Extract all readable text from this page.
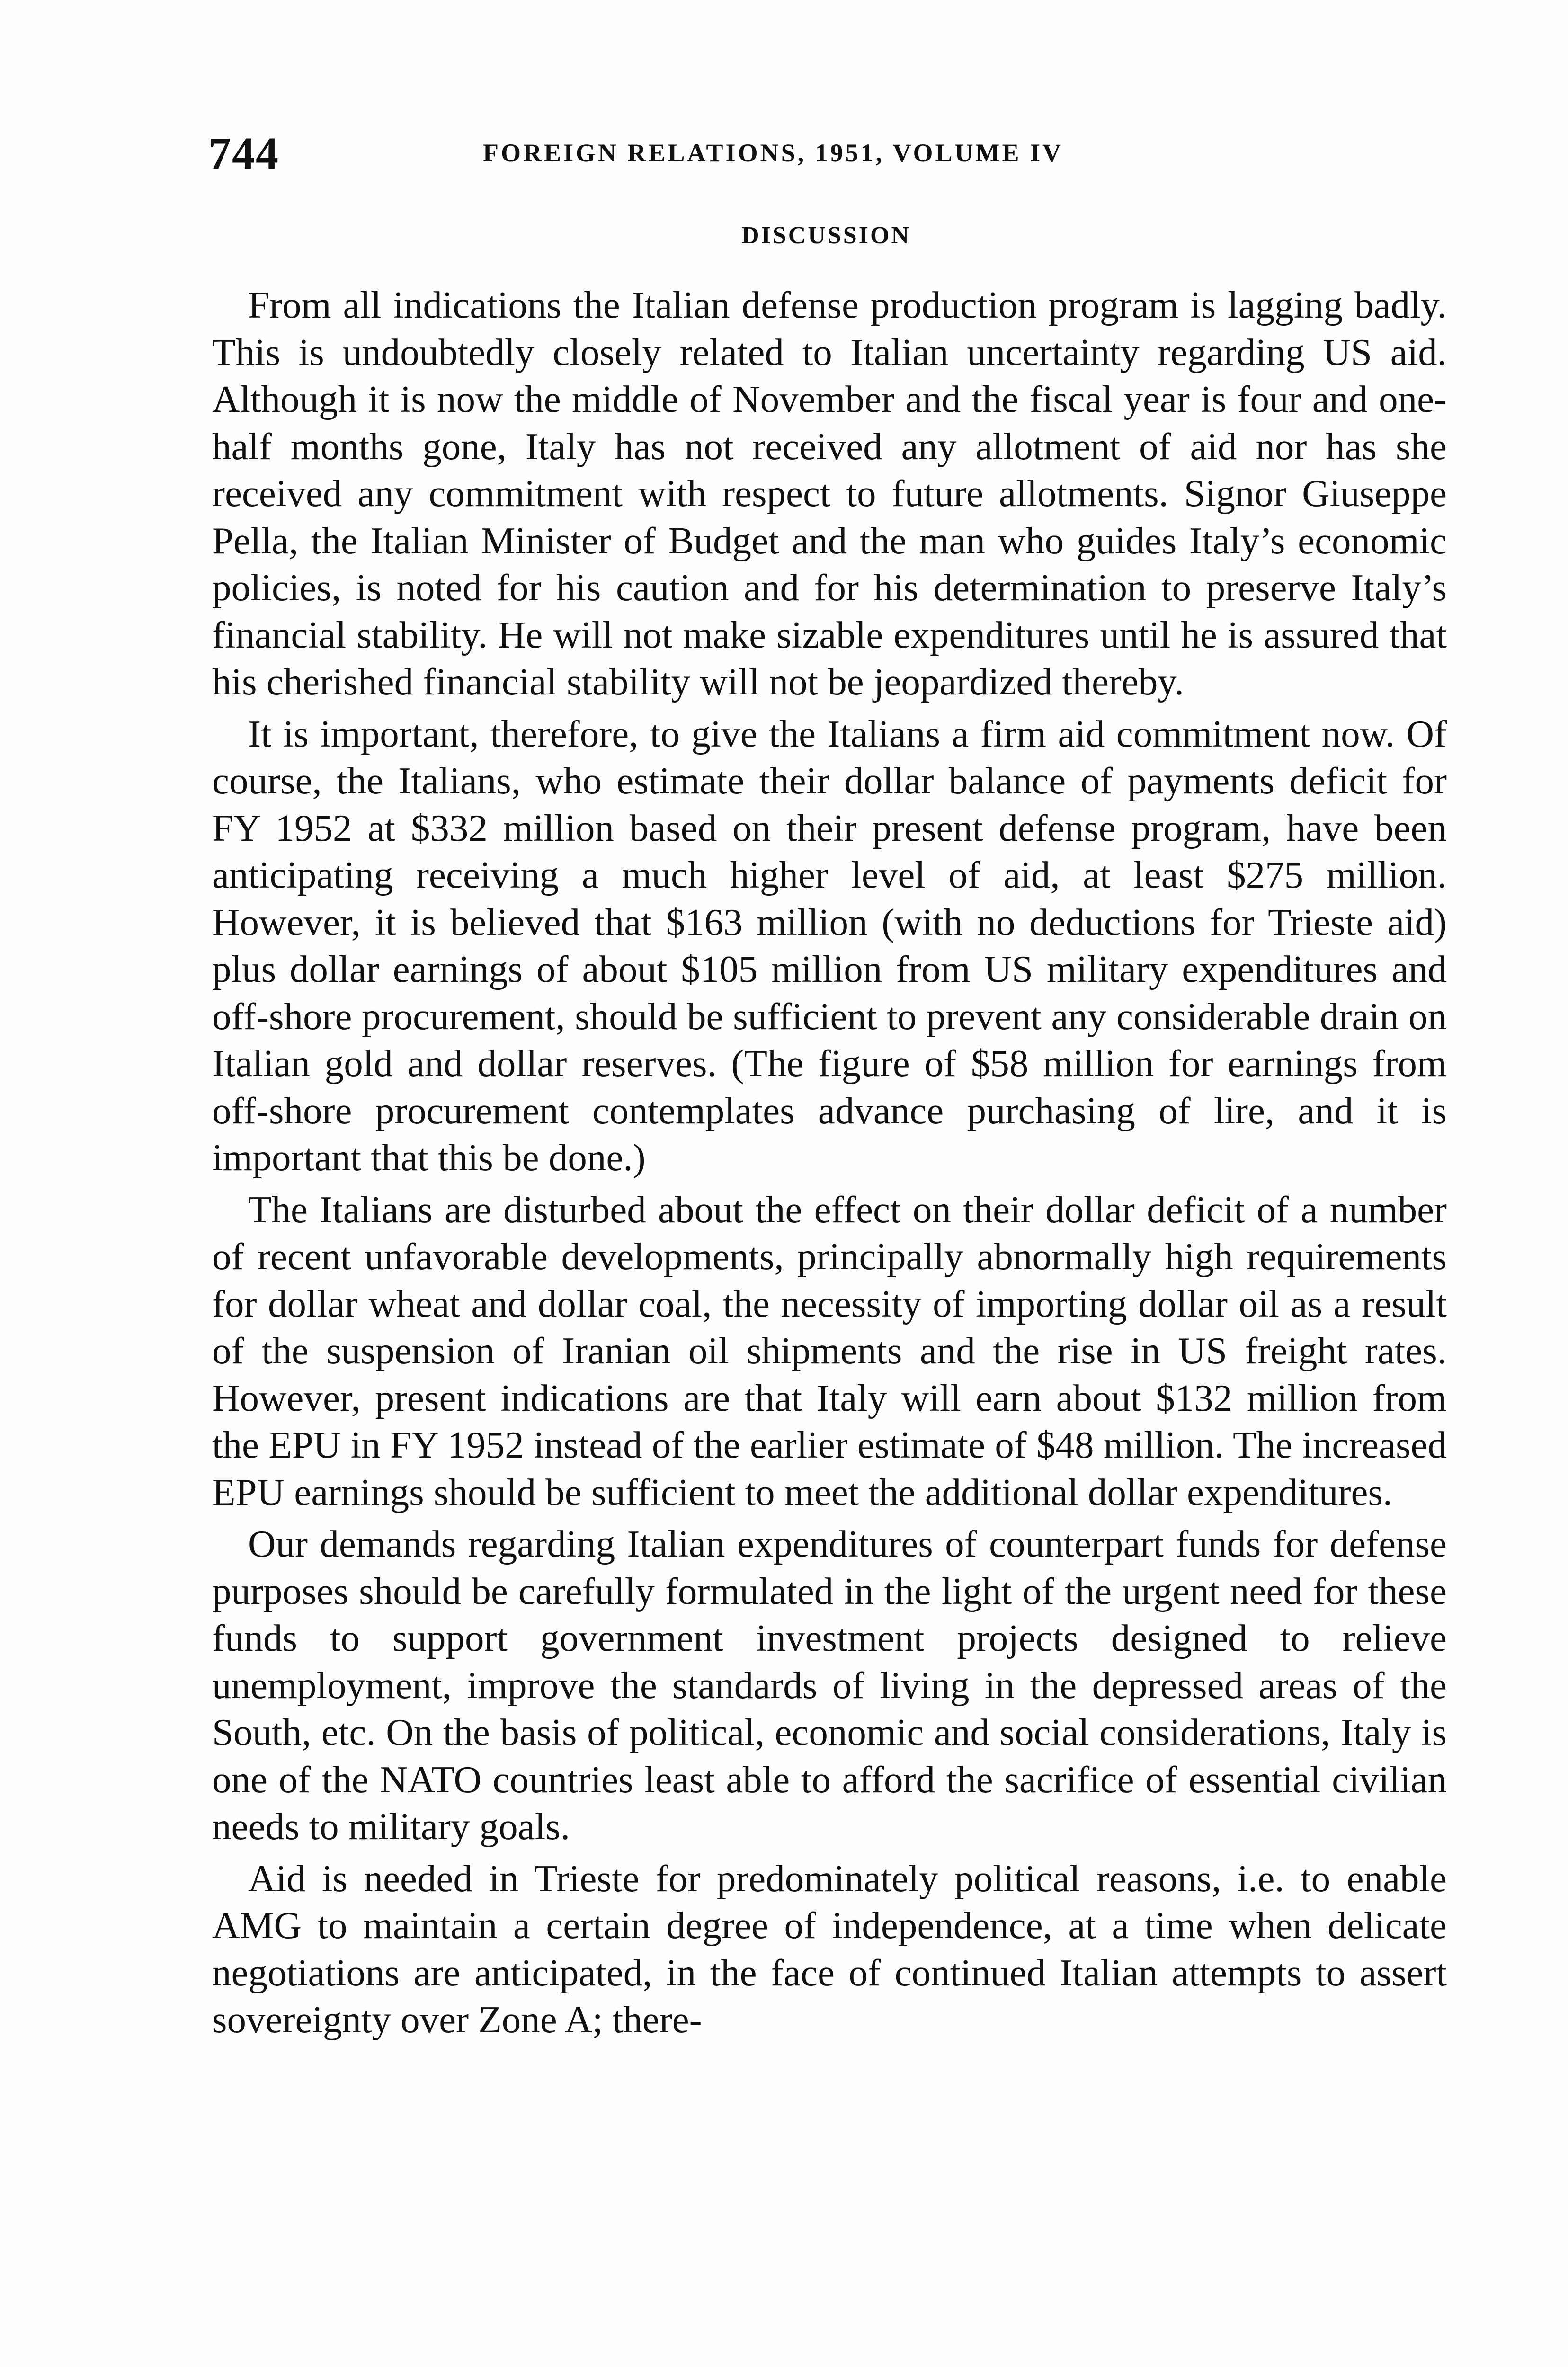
744	FOREIGN RELATIONS, 1951, VOLUME IV
DISCUSSION

From all indications the Italian defense production program is lagging badly. This is undoubtedly closely related to Italian uncertainty regarding US aid. Although it is now the middle of November and the fiscal year is four and one-half months gone, Italy has not received any allotment of aid nor has she received any commitment with respect to future allotments. Signor Giuseppe Pella, the Italian Minister of Budget and the man who guides Italy’s economic policies, is noted for his caution and for his determination to preserve Italy’s financial stability. He will not make sizable expenditures until he is assured that his cherished financial stability will not be jeopardized thereby.

It is important, therefore, to give the Italians a firm aid commitment now. Of course, the Italians, who estimate their dollar balance of payments deficit for FY 1952 at $332 million based on their present defense program, have been anticipating receiving a much higher level of aid, at least $275 million. However, it is believed that $163 million (with no deductions for Trieste aid) plus dollar earnings of about $105 million from US military expenditures and off-shore procurement, should be sufficient to prevent any considerable drain on Italian gold and dollar reserves. (The figure of $58 million for earnings from off-shore procurement contemplates advance purchasing of lire, and it is important that this be done.)

The Italians are disturbed about the effect on their dollar deficit of a number of recent unfavorable developments, principally abnormally high requirements for dollar wheat and dollar coal, the necessity of importing dollar oil as a result of the suspension of Iranian oil shipments and the rise in US freight rates. However, present indications are that Italy will earn about $132 million from the EPU in FY 1952 instead of the earlier estimate of $48 million. The increased EPU earnings should be sufficient to meet the additional dollar expenditures.

Our demands regarding Italian expenditures of counterpart funds for defense purposes should be carefully formulated in the light of the urgent need for these funds to support government investment projects designed to relieve unemployment, improve the standards of living in the depressed areas of the South, etc. On the basis of political, economic and social considerations, Italy is one of the NATO countries least able to afford the sacrifice of essential civilian needs to military goals.

Aid is needed in Trieste for predominately political reasons, i.e. to enable AMG to maintain a certain degree of independence, at a time when delicate negotiations are anticipated, in the face of continued Italian attempts to assert sovereignty over Zone A; there-
